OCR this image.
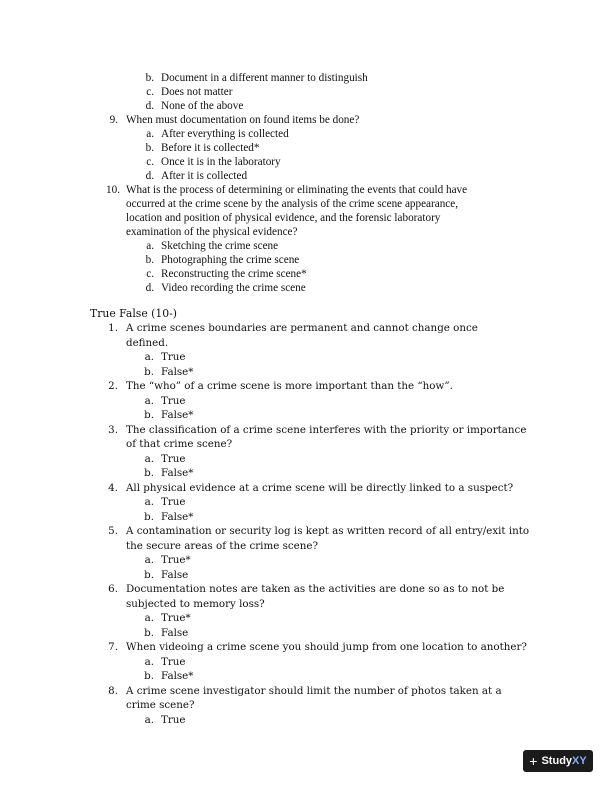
b. Document in a different manner to distinguish
c. Does not matter
d. None of the above
9. When must documentation on found items be done?
a. After everything is collected
b. Before it is collected*
c. Once it is in the laboratory
d. After it is collected
10. What is the process of determining or eliminating the events that could have
occurred at the crime scene by the analysis of the crime scene appearance,
location and position of physical evidence, and the forensic laboratory
examination of the physical evidence?
a. Sketching the crime scene
b. Photographing the crime scene
c. Reconstructing the crime scene*
d. Video recording the crime scene
True False (10-)
1. A crime scenes boundaries are permanent and cannot change once
defined.
a. True
b. False*
2. The “who” of a crime scene is more important than the “how”.
a. True
b. False*
3. The classification of a crime scene interferes with the priority or importance
of that crime scene?
a. True
b. False*
4. All physical evidence at a crime scene will be directly linked to a suspect?
a. True
b. False*
5. A contamination or security log is kept as written record of all entry/exit into
the secure areas of the crime scene?
a. True*
b. False
6. Documentation notes are taken as the activities are done so as to not be
subjected to memory loss?
a. True*
b. False
7. When videoing a crime scene you should jump from one location to another?
a. True
b. False*
8. A crime scene investigator should limit the number of photos taken at a
crime scene?
a. True
+ StudyXY
